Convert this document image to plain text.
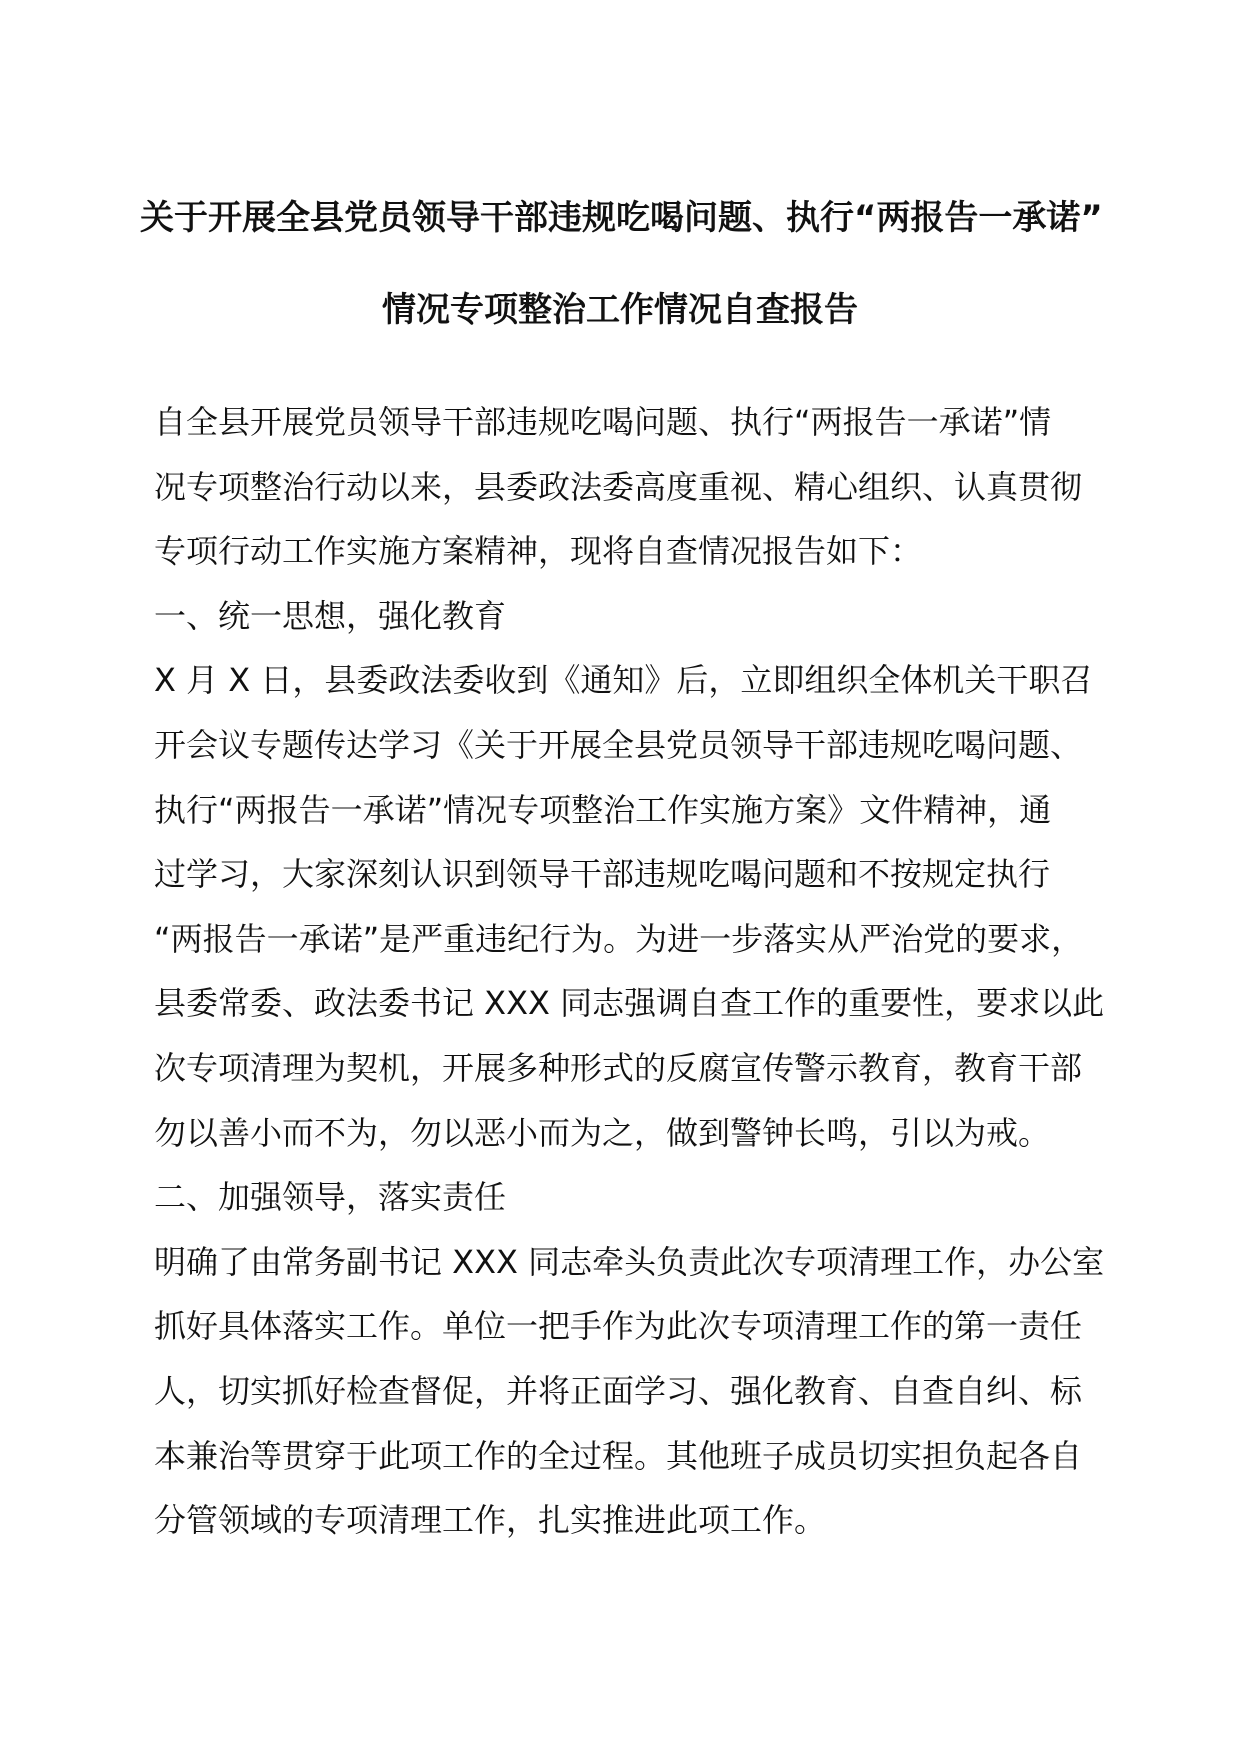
关于开展全县党员领导干部违规吃喝问题、执行“两报告一承诺”
情况专项整治工作情况自查报告
自全县开展党员领导干部违规吃喝问题、执行“两报告一承诺”情
况专项整治行动以来，县委政法委高度重视、精心组织、认真贯彻
专项行动工作实施方案精神，现将自查情况报告如下：
一、统一思想，强化教育
X 月 X 日，县委政法委收到《通知》后，立即组织全体机关干职召
开会议专题传达学习《关于开展全县党员领导干部违规吃喝问题、
执行“两报告一承诺”情况专项整治工作实施方案》文件精神，通
过学习，大家深刻认识到领导干部违规吃喝问题和不按规定执行
“两报告一承诺”是严重违纪行为。为进一步落实从严治党的要求，
县委常委、政法委书记 XXX 同志强调自查工作的重要性，要求以此
次专项清理为契机，开展多种形式的反腐宣传警示教育，教育干部
勿以善小而不为，勿以恶小而为之，做到警钟长鸣，引以为戒。
二、加强领导，落实责任
明确了由常务副书记 XXX 同志牵头负责此次专项清理工作，办公室
抓好具体落实工作。单位一把手作为此次专项清理工作的第一责任
人，切实抓好检查督促，并将正面学习、强化教育、自查自纠、标
本兼治等贯穿于此项工作的全过程。其他班子成员切实担负起各自
分管领域的专项清理工作，扎实推进此项工作。
